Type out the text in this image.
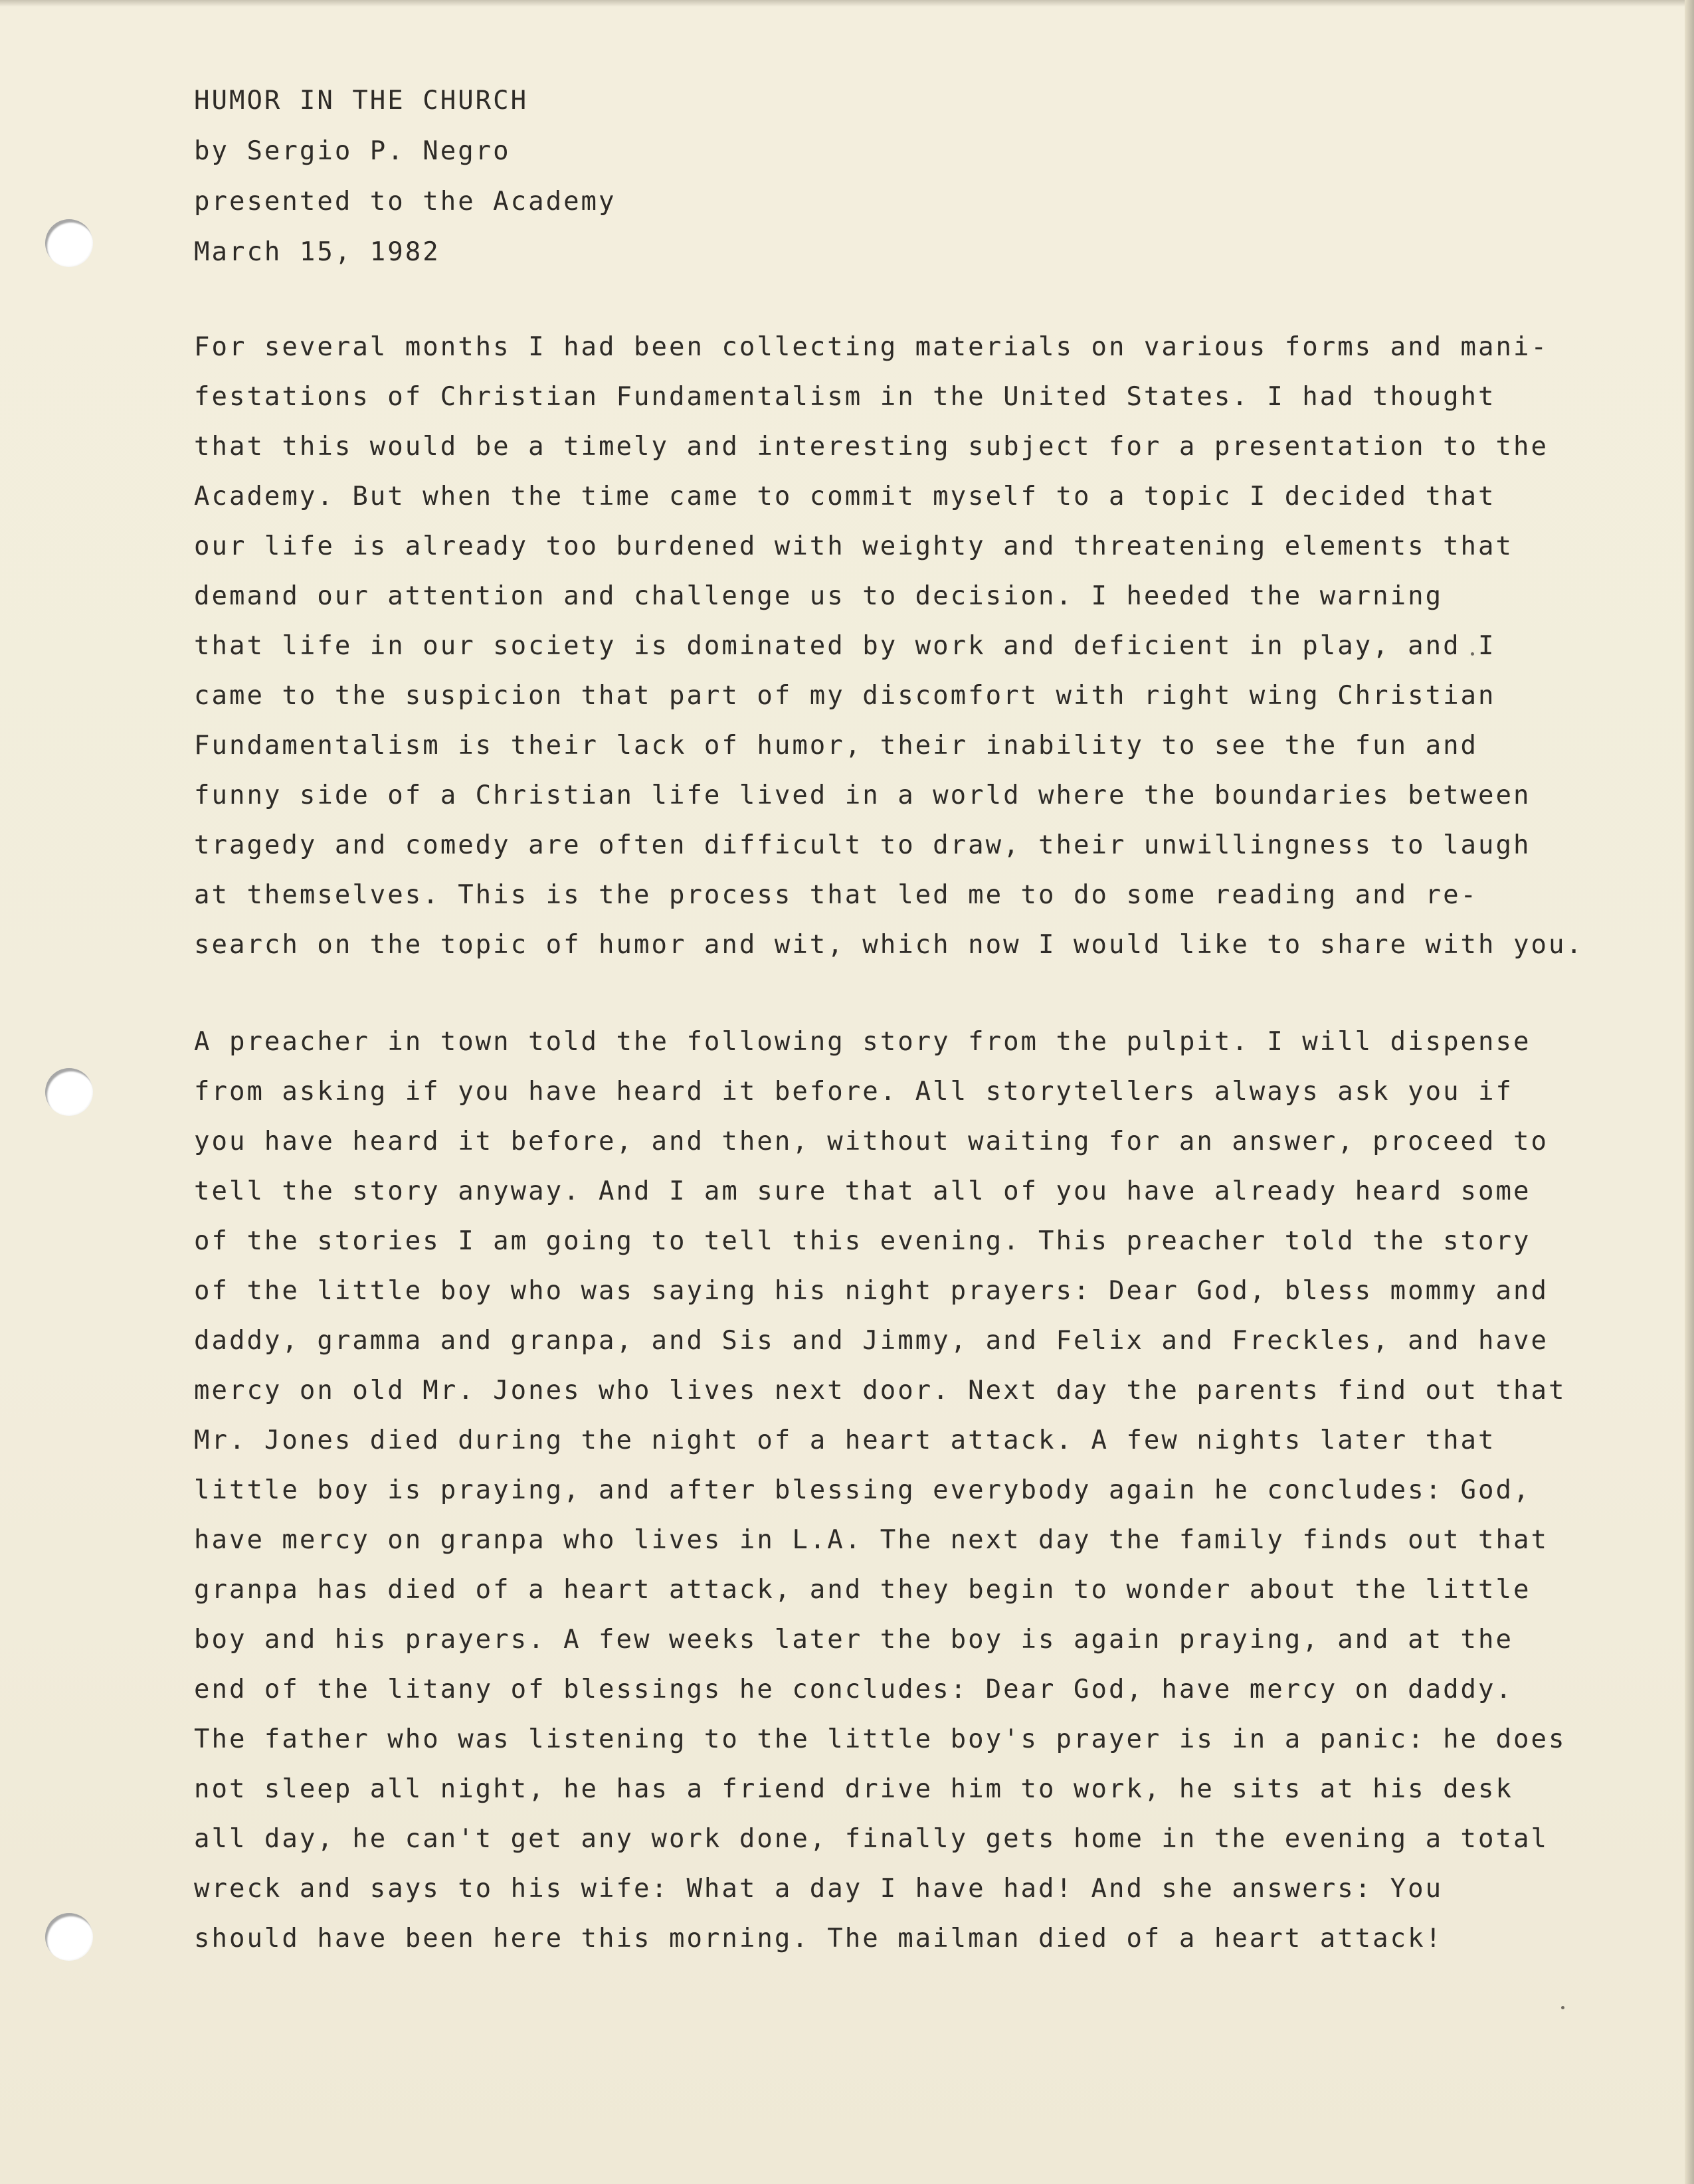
HUMOR IN THE CHURCH
by Sergio P. Negro
presented to the Academy
March 15, 1982
For several months I had been collecting materials on various forms and mani-
festations of Christian Fundamentalism in the United States. I had thought
that this would be a timely and interesting subject for a presentation to the
Academy. But when the time came to commit myself to a topic I decided that
our life is already too burdened with weighty and threatening elements that
demand our attention and challenge us to decision. I heeded the warning
that life in our society is dominated by work and deficient in play, and I
came to the suspicion that part of my discomfort with right wing Christian
Fundamentalism is their lack of humor, their inability to see the fun and
funny side of a Christian life lived in a world where the boundaries between
tragedy and comedy are often difficult to draw, their unwillingness to laugh
at themselves. This is the process that led me to do some reading and re-
search on the topic of humor and wit, which now I would like to share with you.
A preacher in town told the following story from the pulpit. I will dispense
from asking if you have heard it before. All storytellers always ask you if
you have heard it before, and then, without waiting for an answer, proceed to
tell the story anyway. And I am sure that all of you have already heard some
of the stories I am going to tell this evening. This preacher told the story
of the little boy who was saying his night prayers: Dear God, bless mommy and
daddy, gramma and granpa, and Sis and Jimmy, and Felix and Freckles, and have
mercy on old Mr. Jones who lives next door. Next day the parents find out that
Mr. Jones died during the night of a heart attack. A few nights later that
little boy is praying, and after blessing everybody again he concludes: God,
have mercy on granpa who lives in L.A. The next day the family finds out that
granpa has died of a heart attack, and they begin to wonder about the little
boy and his prayers. A few weeks later the boy is again praying, and at the
end of the litany of blessings he concludes: Dear God, have mercy on daddy.
The father who was listening to the little boy's prayer is in a panic: he does
not sleep all night, he has a friend drive him to work, he sits at his desk
all day, he can't get any work done, finally gets home in the evening a total
wreck and says to his wife: What a day I have had! And she answers: You
should have been here this morning. The mailman died of a heart attack!
